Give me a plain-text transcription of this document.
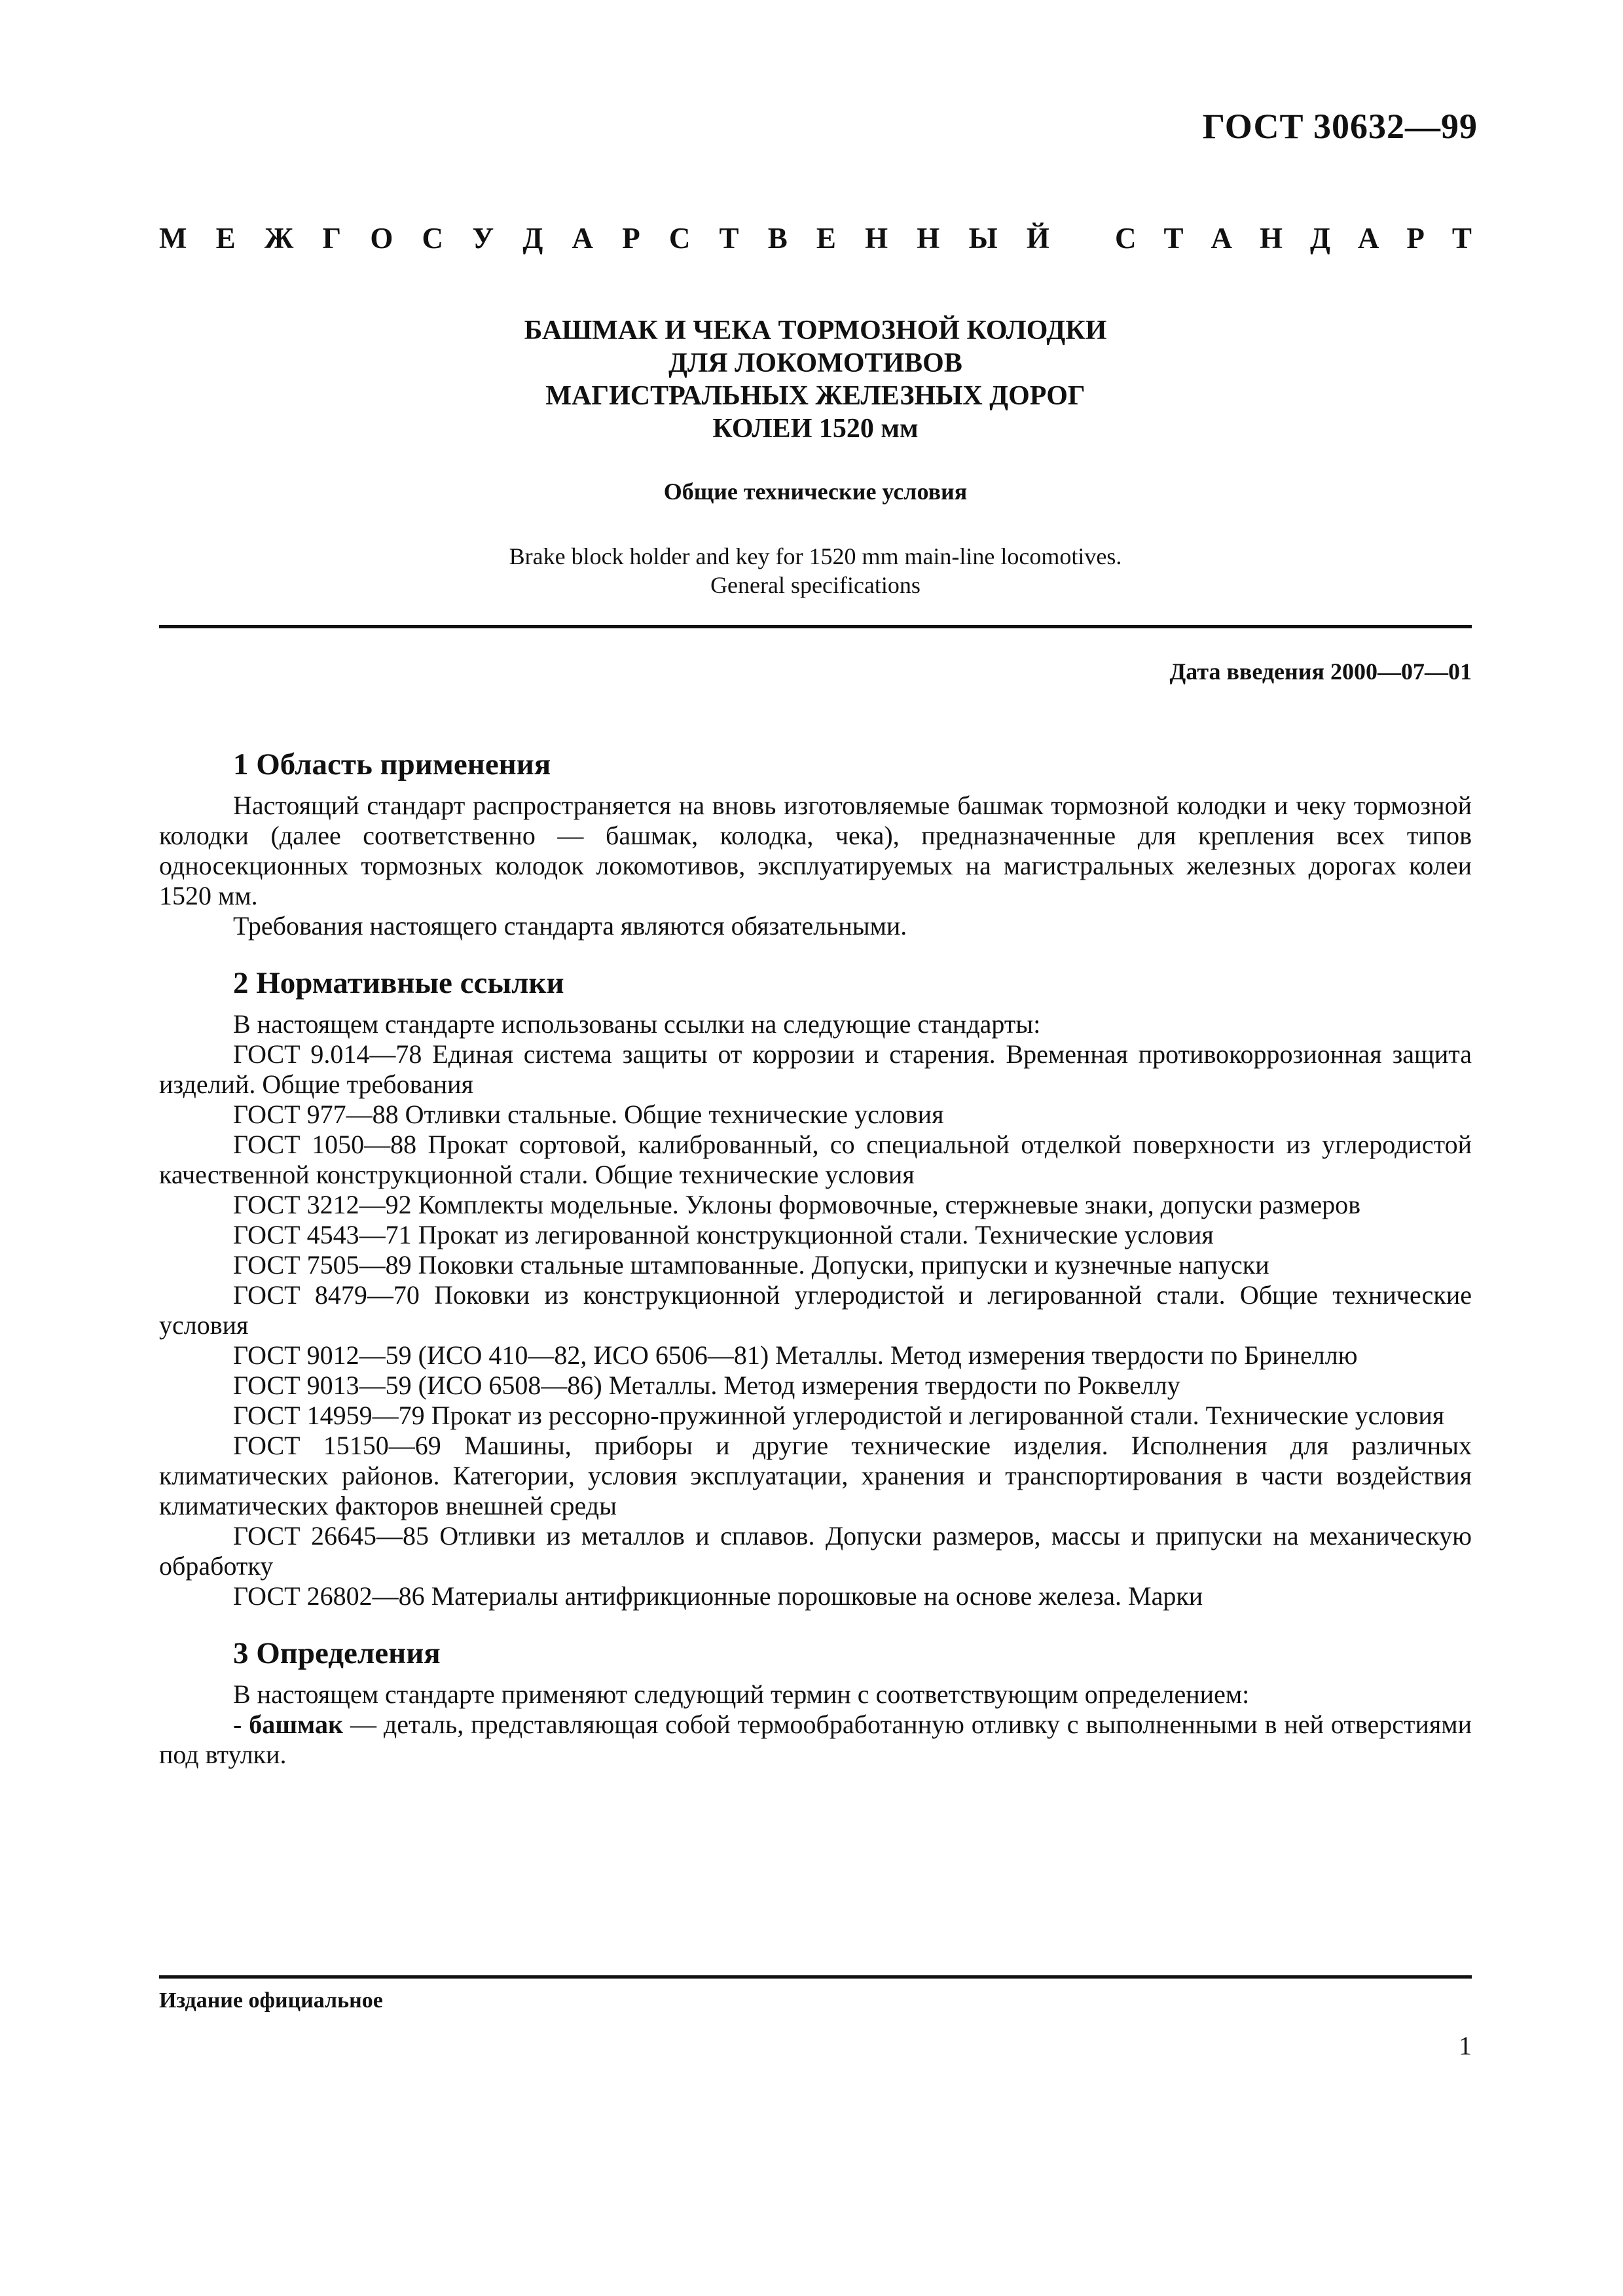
ГОСТ 30632—99

М Е Ж Г О С У Д А Р С Т В Е Н Н Ы Й С Т А Н Д А Р Т
БАШМАК И ЧЕКА ТОРМОЗНОЙ КОЛОДКИ
ДЛЯ ЛОКОМОТИВОВ
МАГИСТРАЛЬНЫХ ЖЕЛЕЗНЫХ ДОРОГ
КОЛЕИ 1520 мм

Общие технические условия

Brake block holder and key for 1520 mm main-line locomotives.
General specifications

Дата введения 2000—07—01

1 Область применения

Настоящий стандарт распространяется на вновь изготовляемые башмак тормозной колодки и чеку тормозной колодки (далее соответственно — башмак, колодка, чека), предназначенные для крепления всех типов односекционных тормозных колодок локомотивов, эксплуатируемых на магистральных железных дорогах колеи 1520 мм.

Требования настоящего стандарта являются обязательными.

2 Нормативные ссылки

В настоящем стандарте использованы ссылки на следующие стандарты:

ГОСТ 9.014—78 Единая система защиты от коррозии и старения. Временная противокоррозионная защита изделий. Общие требования

ГОСТ 977—88 Отливки стальные. Общие технические условия

ГОСТ 1050—88 Прокат сортовой, калиброванный, со специальной отделкой поверхности из углеродистой качественной конструкционной стали. Общие технические условия

ГОСТ 3212—92 Комплекты модельные. Уклоны формовочные, стержневые знаки, допуски размеров

ГОСТ 4543—71 Прокат из легированной конструкционной стали. Технические условия

ГОСТ 7505—89 Поковки стальные штампованные. Допуски, припуски и кузнечные напуски

ГОСТ 8479—70 Поковки из конструкционной углеродистой и легированной стали. Общие технические условия

ГОСТ 9012—59 (ИСО 410—82, ИСО 6506—81) Металлы. Метод измерения твердости по Бринеллю

ГОСТ 9013—59 (ИСО 6508—86) Металлы. Метод измерения твердости по Роквеллу

ГОСТ 14959—79 Прокат из рессорно-пружинной углеродистой и легированной стали. Технические условия

ГОСТ 15150—69 Машины, приборы и другие технические изделия. Исполнения для различных климатических районов. Категории, условия эксплуатации, хранения и транспортирования в части воздействия климатических факторов внешней среды

ГОСТ 26645—85 Отливки из металлов и сплавов. Допуски размеров, массы и припуски на механическую обработку

ГОСТ 26802—86 Материалы антифрикционные порошковые на основе железа. Марки

3 Определения

В настоящем стандарте применяют следующий термин с соответствующим определением:

- башмак — деталь, представляющая собой термообработанную отливку с выполненными в ней отверстиями под втулки.

Издание официальное

1
